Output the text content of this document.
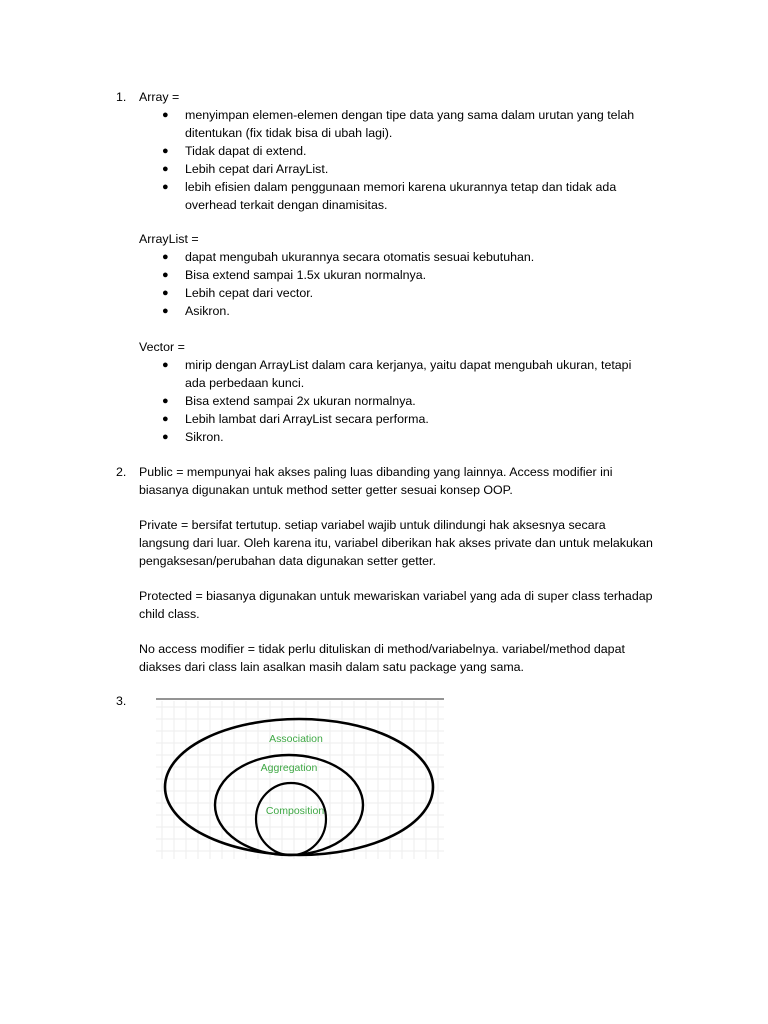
1. Array =
● menyimpan elemen-elemen dengan tipe data yang sama dalam urutan yang telah
ditentukan (fix tidak bisa di ubah lagi).
● Tidak dapat di extend.
● Lebih cepat dari ArrayList.
● lebih efisien dalam penggunaan memori karena ukurannya tetap dan tidak ada
overhead terkait dengan dinamisitas.
ArrayList =
● dapat mengubah ukurannya secara otomatis sesuai kebutuhan.
● Bisa extend sampai 1.5x ukuran normalnya.
● Lebih cepat dari vector.
● Asikron.
Vector =
● mirip dengan ArrayList dalam cara kerjanya, yaitu dapat mengubah ukuran, tetapi
ada perbedaan kunci.
● Bisa extend sampai 2x ukuran normalnya.
● Lebih lambat dari ArrayList secara performa.
● Sikron.
2. Public = mempunyai hak akses paling luas dibanding yang lainnya. Access modifier ini
biasanya digunakan untuk method setter getter sesuai konsep OOP.
Private = bersifat tertutup. setiap variabel wajib untuk dilindungi hak aksesnya secara
langsung dari luar. Oleh karena itu, variabel diberikan hak akses private dan untuk melakukan
pengaksesan/perubahan data digunakan setter getter.
Protected = biasanya digunakan untuk mewariskan variabel yang ada di super class terhadap
child class.
No access modifier = tidak perlu dituliskan di method/variabelnya. variabel/method dapat
diakses dari class lain asalkan masih dalam satu package yang sama.
3.
Association
Aggregation
Composition
